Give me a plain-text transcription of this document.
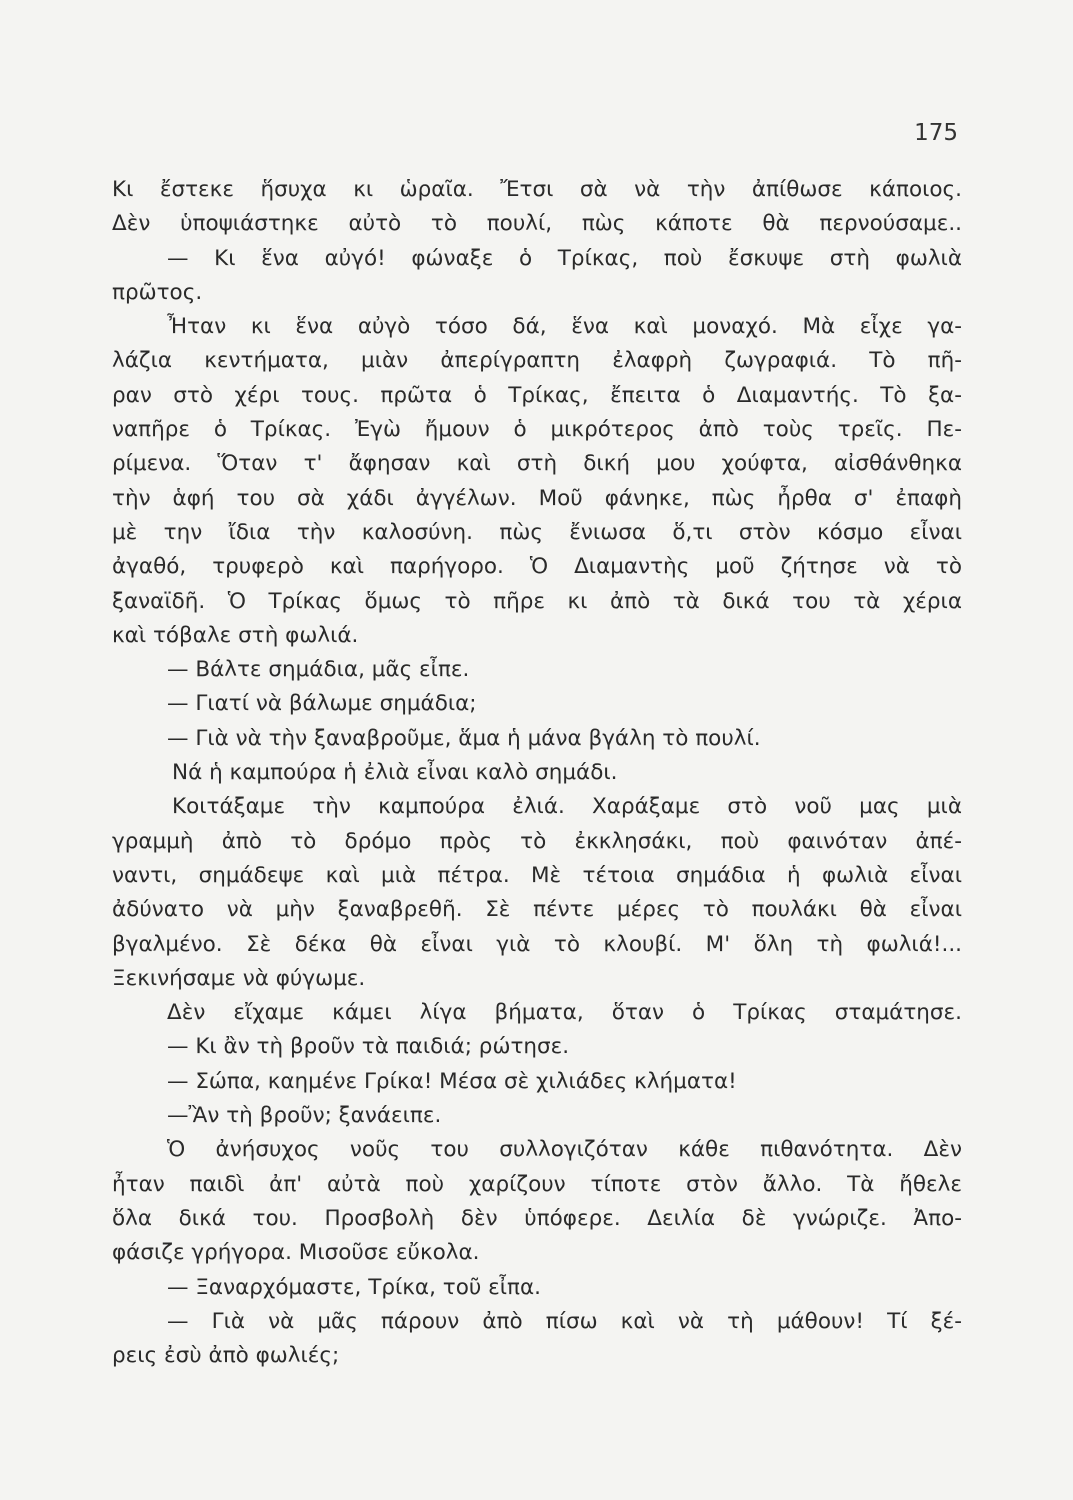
175
Κι ἔστεκε ἥσυχα κι ὡραῖα. Ἔτσι σὰ νὰ τὴν ἀπίθωσε κάποιος.
Δὲν ὑποψιάστηκε αὐτὸ τὸ πουλί, πὼς κάποτε θὰ περνούσαμε..
— Κι ἕνα αὐγό! φώναξε ὁ Τρίκας, ποὺ ἔσκυψε στὴ φωλιὰ
πρῶτος.
Ἦταν κι ἕνα αὐγὸ τόσο δά, ἕνα καὶ μοναχό. Μὰ εἶχε γα-
λάζια κεντήματα, μιὰν ἀπερίγραπτη ἐλαφρὴ ζωγραφιά. Τὸ πῆ-
ραν στὸ χέρι τους. πρῶτα ὁ Τρίκας, ἔπειτα ὁ Διαμαντής. Τὸ ξα-
ναπῆρε ὁ Τρίκας. Ἐγὼ ἤμουν ὁ μικρότερος ἀπὸ τοὺς τρεῖς. Πε-
ρίμενα. Ὅταν τ' ἄφησαν καὶ στὴ δική μου χούφτα, αἰσθάνθηκα
τὴν ἁφή του σὰ χάδι ἀγγέλων. Μοῦ φάνηκε, πὼς ἦρθα σ' ἐπαφὴ
μὲ την ἴδια τὴν καλοσύνη. πὼς ἔνιωσα ὅ,τι στὸν κόσμο εἶναι
ἀγαθό, τρυφερὸ καὶ παρήγορο. Ὁ Διαμαντὴς μοῦ ζήτησε νὰ τὸ
ξαναϊδῆ. Ὁ Τρίκας ὅμως τὸ πῆρε κι ἀπὸ τὰ δικά του τὰ χέρια
καὶ τόβαλε στὴ φωλιά.
— Βάλτε σημάδια, μᾶς εἶπε.
— Γιατί νὰ βάλωμε σημάδια;
— Γιὰ νὰ τὴν ξαναβροῦμε, ἅμα ἡ μάνα βγάλη τὸ πουλί.
Νά ἡ καμπούρα ἡ ἐλιὰ εἶναι καλὸ σημάδι.
Κοιτάξαμε τὴν καμπούρα ἐλιά. Χαράξαμε στὸ νοῦ μας μιὰ
γραμμὴ ἀπὸ τὸ δρόμο πρὸς τὸ ἐκκλησάκι, ποὺ φαινόταν ἀπέ-
ναντι, σημάδεψε καὶ μιὰ πέτρα. Μὲ τέτοια σημάδια ἡ φωλιὰ εἶναι
ἀδύνατο νὰ μὴν ξαναβρεθῆ. Σὲ πέντε μέρες τὸ πουλάκι θὰ εἶναι
βγαλμένο. Σὲ δέκα θὰ εἶναι γιὰ τὸ κλουβί. Μ' ὅλη τὴ φωλιά!...
Ξεκινήσαμε νὰ φύγωμε.
Δὲν εἴχαμε κάμει λίγα βήματα, ὅταν ὁ Τρίκας σταμάτησε.
— Κι ἂν τὴ βροῦν τὰ παιδιά; ρώτησε.
— Σώπα, καημένε Γρίκα! Μέσα σὲ χιλιάδες κλήματα!
—Ἂν τὴ βροῦν; ξανάειπε.
Ὁ ἀνήσυχος νοῦς του συλλογιζόταν κάθε πιθανότητα. Δὲν
ἦταν παιδὶ ἀπ' αὐτὰ ποὺ χαρίζουν τίποτε στὸν ἄλλο. Τὰ ἤθελε
ὅλα δικά του. Προσβολὴ δὲν ὑπόφερε. Δειλία δὲ γνώριζε. Ἀπο-
φάσιζε γρήγορα. Μισοῦσε εὔκολα.
— Ξαναρχόμαστε, Τρίκα, τοῦ εἶπα.
— Γιὰ νὰ μᾶς πάρουν ἀπὸ πίσω καὶ νὰ τὴ μάθουν! Τί ξέ-
ρεις ἐσὺ ἀπὸ φωλιές;
